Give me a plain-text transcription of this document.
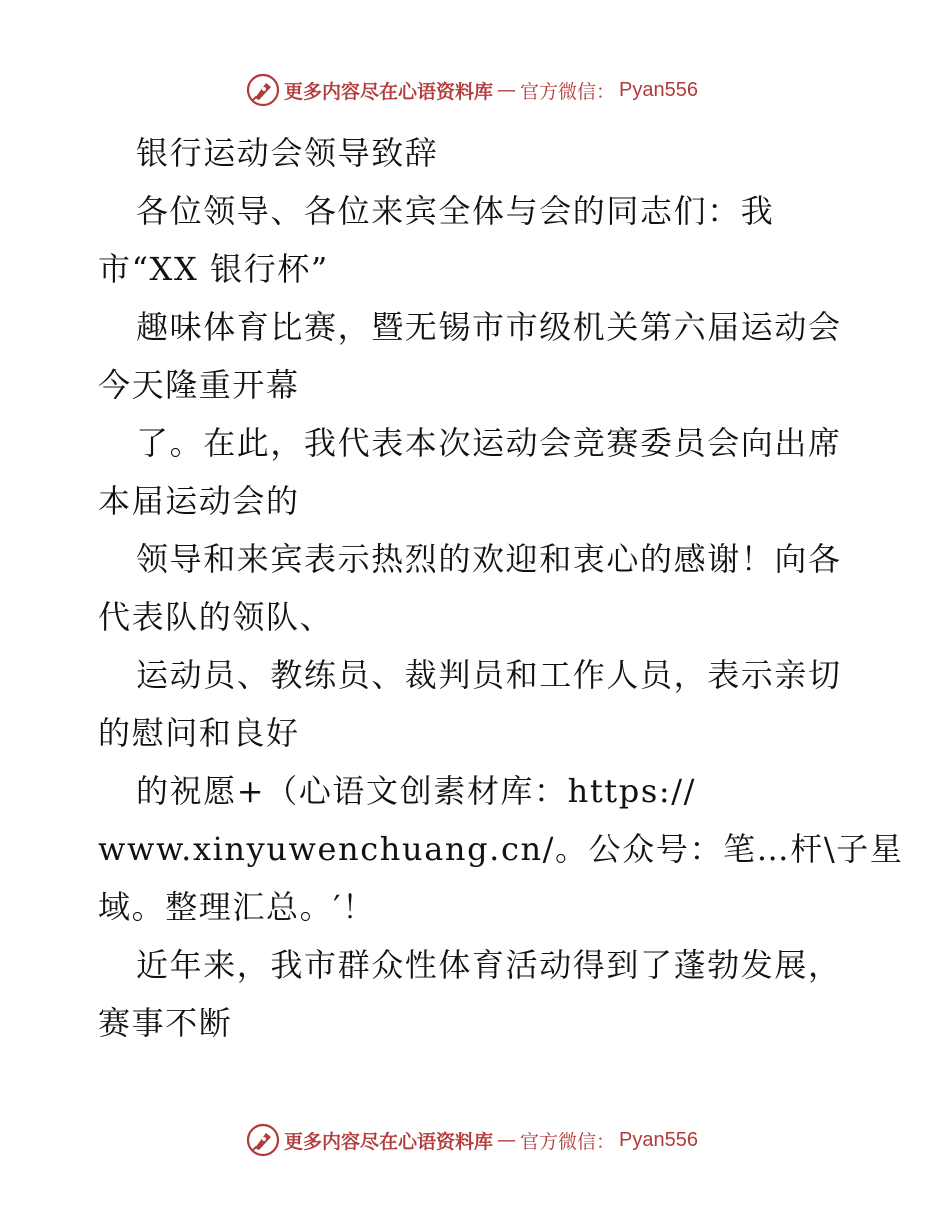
更多内容尽在心语资料库 — 官方微信： Pyan556
银行运动会领导致辞
各位领导、各位来宾全体与会的同志们：我
市“XX 银行杯”
趣味体育比赛，暨无锡市市级机关第六届运动会
今天隆重开幕
了。在此，我代表本次运动会竞赛委员会向出席
本届运动会的
领导和来宾表示热烈的欢迎和衷心的感谢！向各
代表队的领队、
运动员、教练员、裁判员和工作人员，表示亲切
的慰问和良好
的祝愿+（心语文创素材库：https://
www.xinyuwenchuang.cn/。公众号：笔…杆\子星
域。整理汇总。′！
近年来，我市群众性体育活动得到了蓬勃发展，
赛事不断
更多内容尽在心语资料库 — 官方微信： Pyan556
